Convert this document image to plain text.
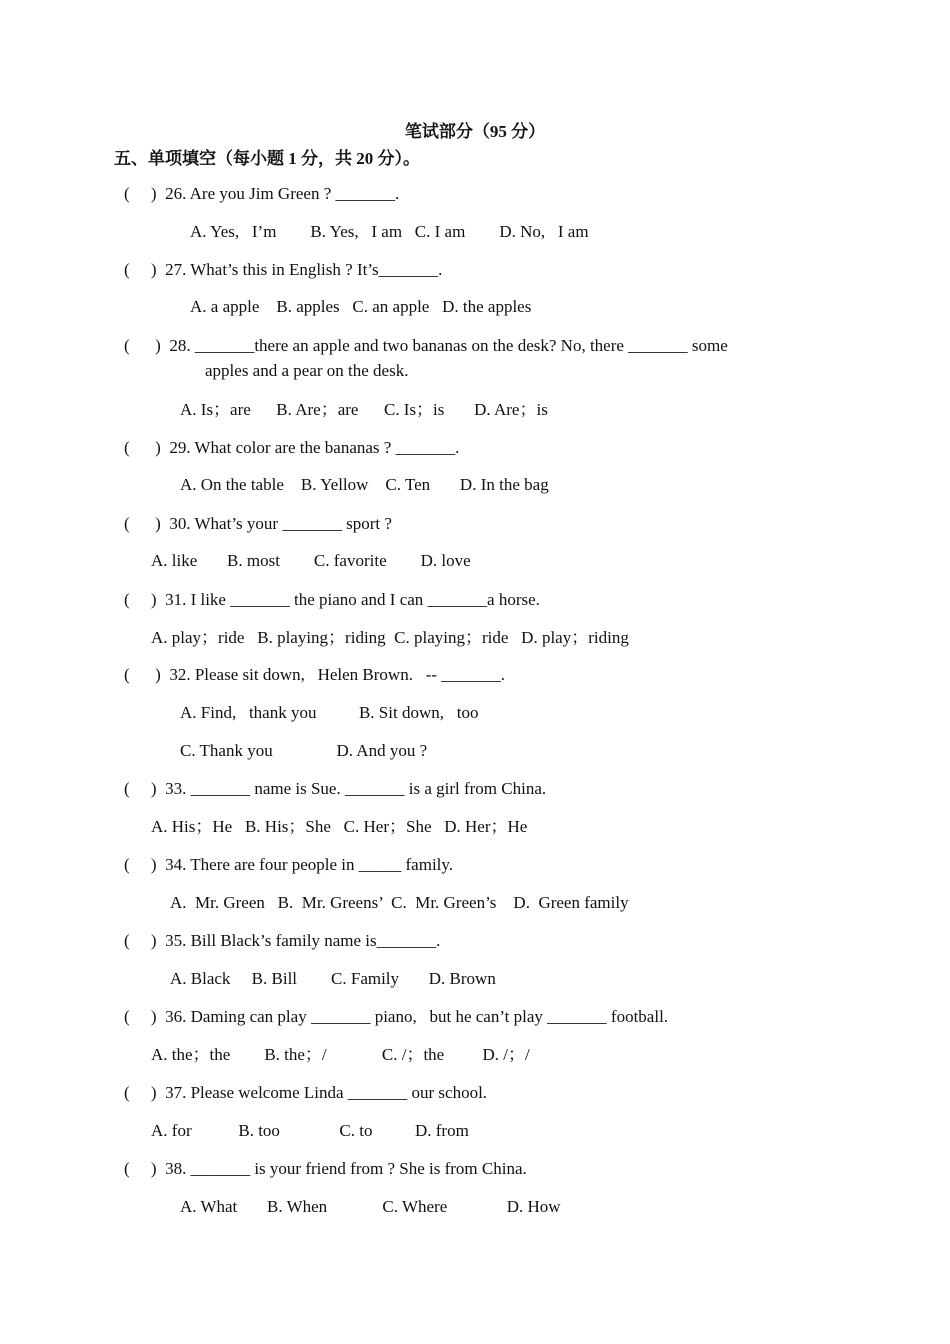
笔试部分（95 分）
五、单项填空（每小题 1 分，共 20 分）。
(     )  26. Are you Jim Green ? _______.
A. Yes,   I’m        B. Yes,   I am   C. I am        D. No,   I am
(     )  27. What’s this in English ? It’s_______.
A. a apple    B. apples   C. an apple   D. the apples
(      )  28. _______there an apple and two bananas on the desk? No, there _______ some
apples and a pear on the desk.
A. Is；are      B. Are；are      C. Is；is       D. Are；is
(      )  29. What color are the bananas ? _______.
A. On the table    B. Yellow    C. Ten       D. In the bag
(      )  30. What’s your _______ sport ?
A. like       B. most        C. favorite        D. love
(     )  31. I like _______ the piano and I can _______a horse.
A. play；ride   B. playing；riding  C. playing；ride   D. play；riding
(      )  32. Please sit down,   Helen Brown.   -- _______.
A. Find,   thank you          B. Sit down,   too
C. Thank you               D. And you ?
(     )  33. _______ name is Sue. _______ is a girl from China.
A. His；He   B. His；She   C. Her；She   D. Her；He
(     )  34. There are four people in _____ family.
A.  Mr. Green   B.  Mr. Greens’  C.  Mr. Green’s    D.  Green family
(     )  35. Bill Black’s family name is_______.
A. Black     B. Bill        C. Family       D. Brown
(     )  36. Daming can play _______ piano,   but he can’t play _______ football.
A. the；the        B. the；/             C. /；the         D. /；/
(     )  37. Please welcome Linda _______ our school.
A. for           B. too              C. to          D. from
(     )  38. _______ is your friend from ? She is from China.
A. What       B. When             C. Where              D. How
